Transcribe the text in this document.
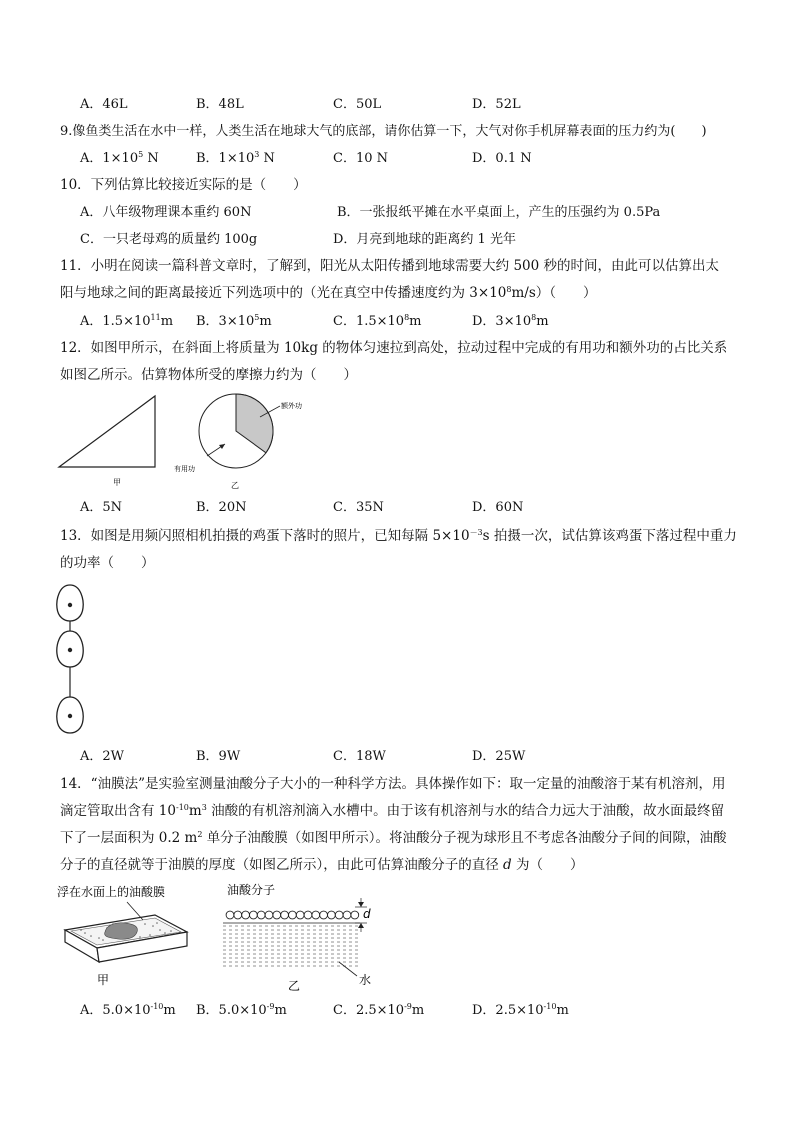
A．46L	B．48L	C．50L	D．52L
9.像鱼类生活在水中一样，人类生活在地球大气的底部，请你估算一下，大气对你手机屏幕表面的压力约为(　　)
A．$1\times 10^5$ N	B．$1\times 10^3$ N	C．10 N	D．0.1 N
10．下列估算比较接近实际的是（　　）
A．八年级物理课本重约 60N	B．一张报纸平摊在水平桌面上，产生的压强约为 0.5Pa
C．一只老母鸡的质量约 100g	D．月亮到地球的距离约 1 光年
11．小明在阅读一篇科普文章时，了解到，阳光从太阳传播到地球需要大约 500 秒的时间，由此可以估算出太
阳与地球之间的距离最接近下列选项中的（光在真空中传播速度约为 $3\times 10^8m/s$）（　　）
A．$1.5\times 10^{11}m$ B．$3\times 10^5m$	C．$1.5\times 10^8m$	D．$3\times 10^8m$
12．如图甲所示，在斜面上将质量为 10kg 的物体匀速拉到高处，拉动过程中完成的有用功和额外功的占比关系
如图乙所示。估算物体所受的摩擦力约为（　　）
甲
额外功
有用功
乙
A．5N	B．20N	C．35N	D．60N
13．如图是用频闪照相机拍摄的鸡蛋下落时的照片，已知每隔 $5\times 10^{-3}s$ 拍摄一次，试估算该鸡蛋下落过程中重力
的功率（　　）
A．2W	B．9W	C．18W	D．25W
14．“油膜法”是实验室测量油酸分子大小的一种科学方法。具体操作如下：取一定量的油酸溶于某有机溶剂，用
滴定管取出含有 $10^{-10}m^3$ 油酸的有机溶剂滴入水槽中。由于该有机溶剂与水的结合力远大于油酸，故水面最终留
下了一层面积为 0.2 $m^2$ 单分子油酸膜（如图甲所示）。将油酸分子视为球形且不考虑各油酸分子间的间隙，油酸
分子的直径就等于油膜的厚度（如图乙所示），由此可估算油酸分子的直径 d 为（　　）
浮在水面上的油酸膜
甲
油酸分子
d
水
乙
A．$5.0\times 10^{-10}m$ B．$5.0\times 10^{-9}m$	C．$2.5\times 10^{-9}m$	D．$2.5\times 10^{-10}m$
